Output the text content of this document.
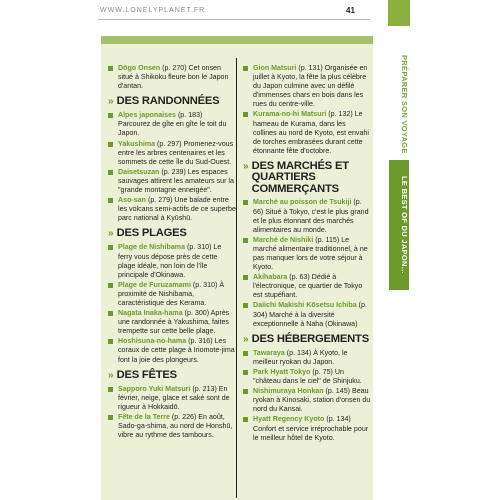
WWW.LONELYPLANET.FR	41
PRÉPARER SON VOYAGE
LE BEST OF DU JAPON...
Dōgo Onsen (p. 270) Cet onsen situé à Shikoku fleure bon le Japon d'antan.
» DES RANDONNÉES
Alpes japonaises (p. 183) Parcourez de gîte en gîte le toit du Japon.
Yakushima (p. 297) Promenez-vous entre les arbres centenaires et les sommets de cette île du Sud-Ouest.
Daisetsuzan (p. 239) Les espaces sauvages attirent les amateurs sur la "grande montagne enneigée".
Aso-san (p. 279) Une balade entre les volcans semi-actifs de ce superbe parc national à Kyūshū.
» DES PLAGES
Plage de Nishibama (p. 310) Le ferry vous dépose près de cette plage idéale, non loin de l'île principale d'Okinawa.
Plage de Furuzamami (p. 310) À proximité de Nishibama, caractéristique des Kerama.
Nagata Inaka-hama (p. 300) Après une randonnée à Yakushima, faites trempette sur cette belle plage.
Hoshisuna-no-hama (p. 316) Les coraux de cette plage à Iriomote-jima font la joie des plongeurs.
» DES FÊTES
Sapporo Yuki Matsuri (p. 213) En février, neige, glace et saké sont de rigueur à Hokkaidō.
Fête de la Terre (p. 226) En août, Sado-ga-shima, au nord de Honshū, vibre au rythme des tambours.
Gion Matsuri (p. 131) Organisée en juillet à Kyoto, la fête la plus célèbre du Japon culmine avec un défilé d'immenses chars en bois dans les rues du centre-ville.
Kurama-no-hi Matsuri (p. 132) Le hameau de Kurama, dans les collines au nord de Kyoto, est envahi de torches embrasées durant cette étonnante fête d'octobre.
» DES MARCHÉS ET QUARTIERS COMMERÇANTS
Marché au poisson de Tsukiji (p. 66) Situé à Tokyo, c'est le plus grand et le plus étonnant des marchés alimentaires au monde.
Marché de Nishiki (p. 115) Le marché alimentaire traditionnel, à ne pas manquer lors de votre séjour à Kyoto.
Akihabara (p. 63) Dédié à l'électronique, ce quartier de Tokyo est stupéfiant.
Daiichi Makishi Kōsetsu Ichiba (p. 304) Marché à la diversité exceptionnelle à Naha (Okinawa)
» DES HÉBERGEMENTS
Tawaraya (p. 134) À Kyoto, le meilleur ryokan du Japon.
Park Hyatt Tokyo (p. 75) Un "château dans le ciel" de Shinjuku.
Nishimuraya Honkan (p. 145) Beau ryokan à Kinosaki, station d'onsen du nord du Kansai.
Hyatt Regency Kyoto (p. 134) Confort et service irréprochable pour le meilleur hôtel de Kyoto.
